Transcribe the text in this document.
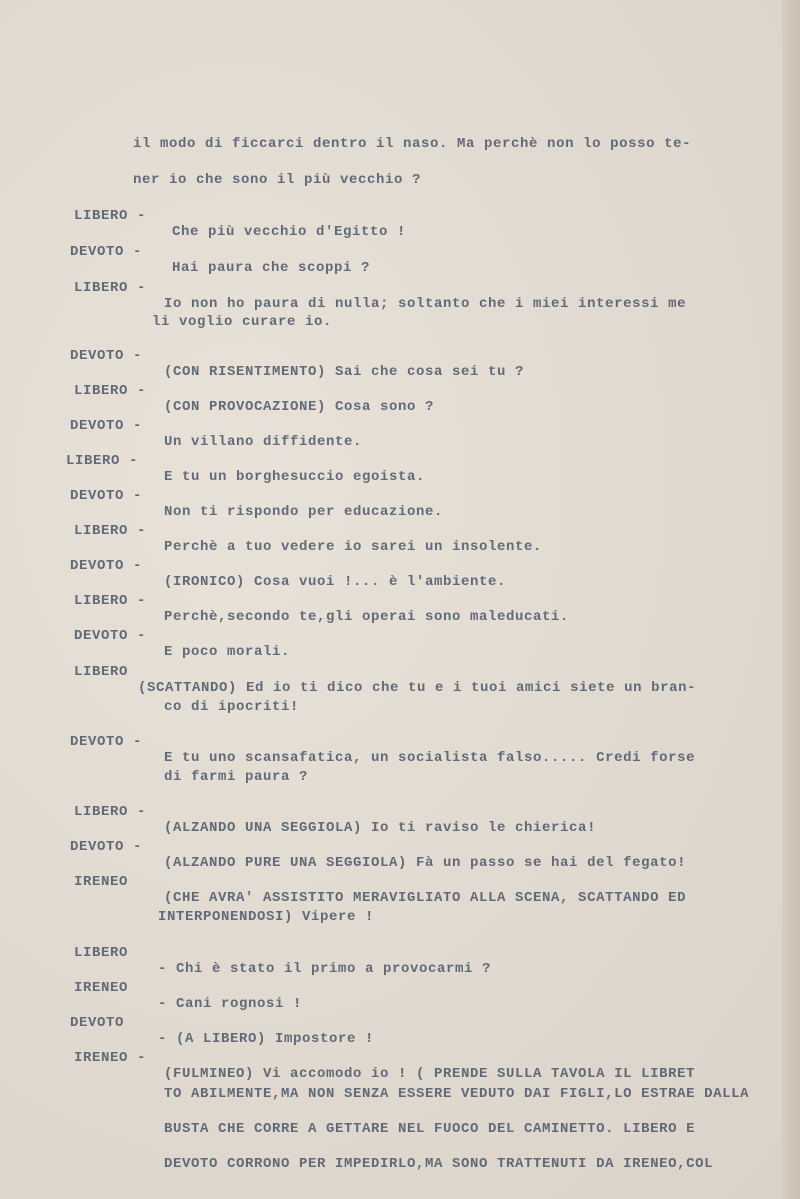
il modo di ficcarci dentro il naso. Ma perchè non lo posso te-

ner io che sono il più vecchio ?

LIBERO -

Che più vecchio d'Egitto !

DEVOTO -

Hai paura che scoppi ?

LIBERO -

Io non ho paura di nulla; soltanto che i miei interessi me

li voglio curare io.

DEVOTO -

(CON RISENTIMENTO) Sai che cosa sei tu ?

LIBERO -

(CON PROVOCAZIONE) Cosa sono ?

DEVOTO -

Un villano diffidente.

LIBERO -

E tu un borghesuccio egoista.

DEVOTO -

Non ti rispondo per educazione.

LIBERO -

Perchè a tuo vedere io sarei un insolente.

DEVOTO -

(IRONICO) Cosa vuoi !... è l'ambiente.

LIBERO -

Perchè,secondo te,gli operai sono maleducati.

DEVOTO -

E poco morali.

LIBERO

(SCATTANDO) Ed io ti dico che tu e i tuoi amici siete un bran-

co di ipocriti!

DEVOTO -

E tu uno scansafatica, un socialista falso..... Credi forse

di farmi paura ?

LIBERO -

(ALZANDO UNA SEGGIOLA) Io ti raviso le chierica!

DEVOTO -

(ALZANDO PURE UNA SEGGIOLA) Fà un passo se hai del fegato!

IRENEO

(CHE AVRA' ASSISTITO MERAVIGLIATO ALLA SCENA, SCATTANDO ED

INTERPONENDOSI) Vipere !

LIBERO

- Chi è stato il primo a provocarmi ?

IRENEO

- Cani rognosi !

DEVOTO

- (A LIBERO) Impostore !

IRENEO -

(FULMINEO) Vi accomodo io ! ( PRENDE SULLA TAVOLA IL LIBRET

TO ABILMENTE,MA NON SENZA ESSERE VEDUTO DAI FIGLI,LO ESTRAE DALLA

BUSTA CHE CORRE A GETTARE NEL FUOCO DEL CAMINETTO. LIBERO E

DEVOTO CORRONO PER IMPEDIRLO,MA SONO TRATTENUTI DA IRENEO,COL
